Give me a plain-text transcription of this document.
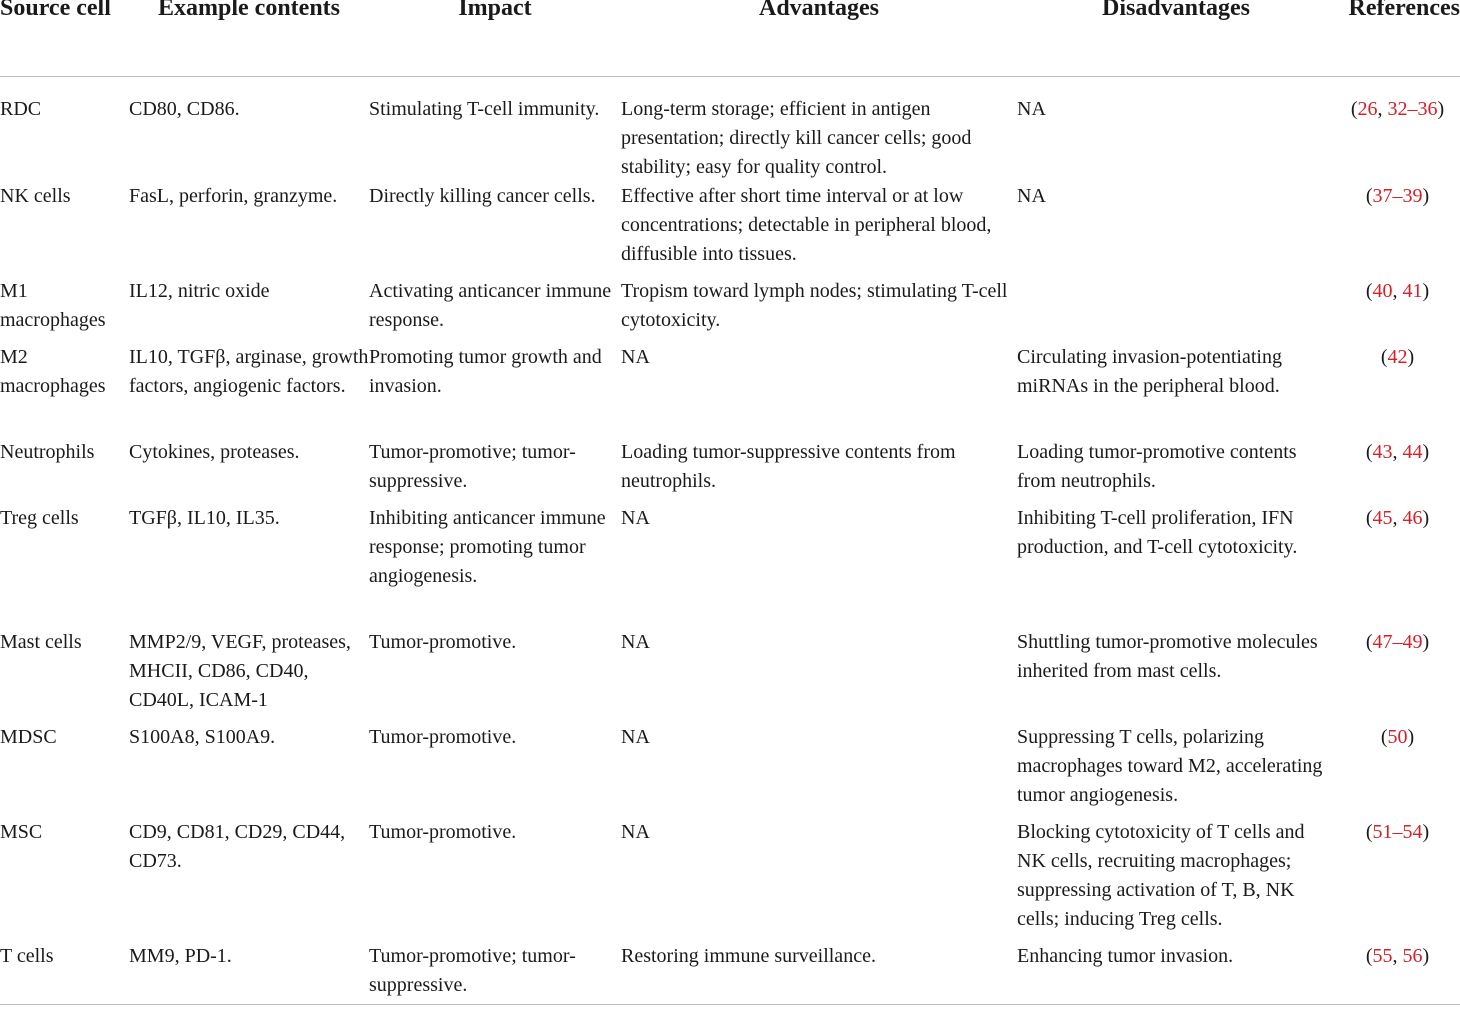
Source cell	Example contents	Impact	Advantages	Disadvantages	References
RDC	CD80, CD86.	Stimulating T-cell immunity.	Long-term storage; efficient in antigen presentation; directly kill cancer cells; good stability; easy for quality control.	NA	(26, 32–36)
NK cells	FasL, perforin, granzyme.	Directly killing cancer cells.	Effective after short time interval or at low concentrations; detectable in peripheral blood, diffusible into tissues.	NA	(37–39)
M1 macrophages	IL12, nitric oxide	Activating anticancer immune response.	Tropism toward lymph nodes; stimulating T-cell cytotoxicity.		(40, 41)
M2 macrophages	IL10, TGFβ, arginase, growth factors, angiogenic factors.	Promoting tumor growth and invasion.	NA	Circulating invasion-potentiating miRNAs in the peripheral blood.	(42)
Neutrophils	Cytokines, proteases.	Tumor-promotive; tumor-suppressive.	Loading tumor-suppressive contents from neutrophils.	Loading tumor-promotive contents from neutrophils.	(43, 44)
Treg cells	TGFβ, IL10, IL35.	Inhibiting anticancer immune response; promoting tumor angiogenesis.	NA	Inhibiting T-cell proliferation, IFN production, and T-cell cytotoxicity.	(45, 46)
Mast cells	MMP2/9, VEGF, proteases, MHCII, CD86, CD40, CD40L, ICAM-1	Tumor-promotive.	NA	Shuttling tumor-promotive molecules inherited from mast cells.	(47–49)
MDSC	S100A8, S100A9.	Tumor-promotive.	NA	Suppressing T cells, polarizing macrophages toward M2, accelerating tumor angiogenesis.	(50)
MSC	CD9, CD81, CD29, CD44, CD73.	Tumor-promotive.	NA	Blocking cytotoxicity of T cells and NK cells, recruiting macrophages; suppressing activation of T, B, NK cells; inducing Treg cells.	(51–54)
T cells	MM9, PD-1.	Tumor-promotive; tumor-suppressive.	Restoring immune surveillance.	Enhancing tumor invasion.	(55, 56)
